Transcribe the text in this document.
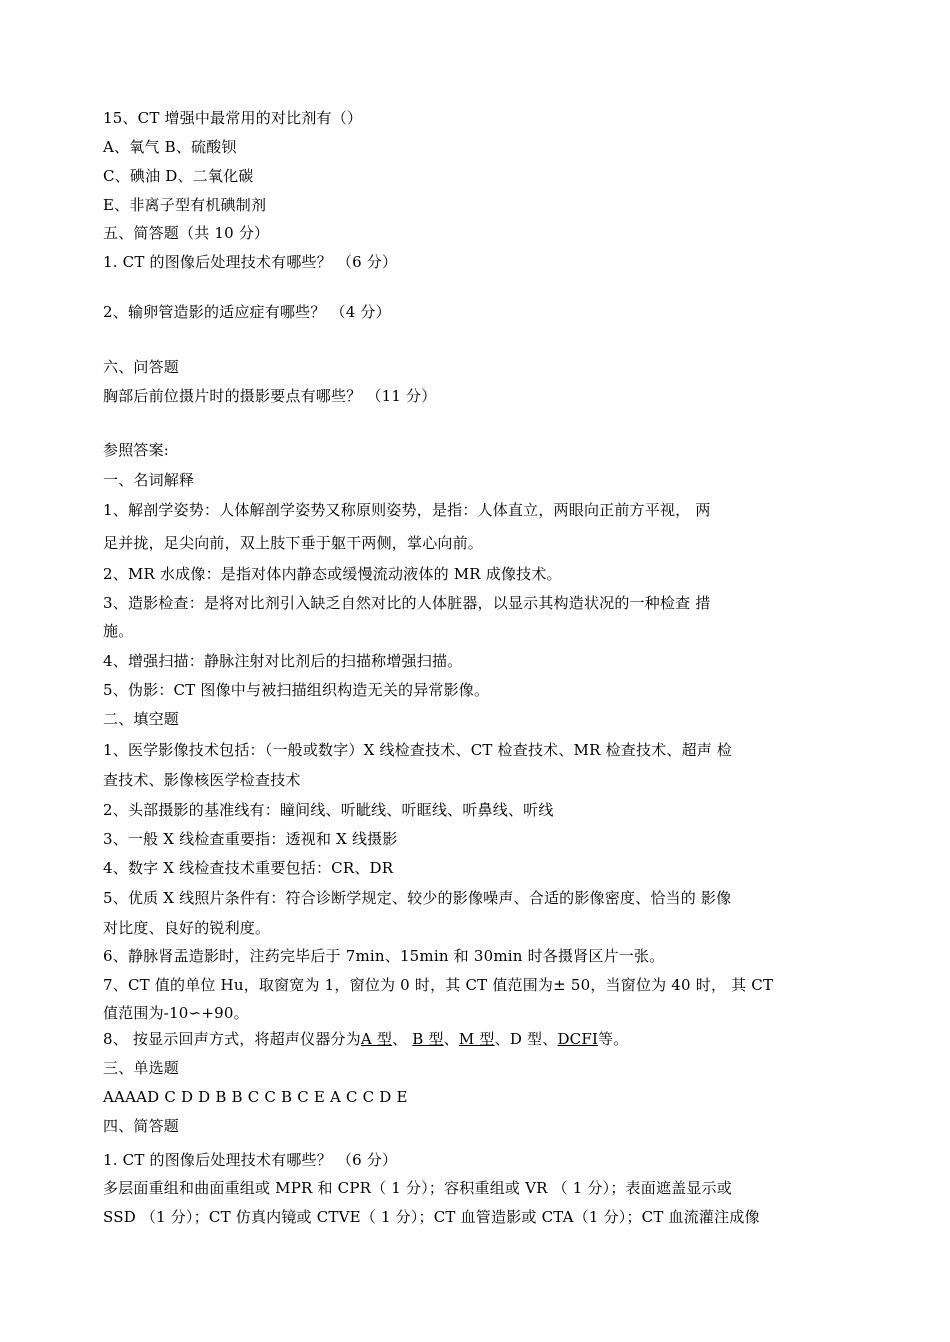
15、CT 增强中最常用的对比剂有（）
A、氧气 B、硫酸钡
C、碘油 D、二氧化碳
E、非离子型有机碘制剂
五、简答题（共 10 分）
1. CT 的图像后处理技术有哪些？ （6 分）
2、输卵管造影的适应症有哪些？ （4 分）
六、问答题
胸部后前位摄片时的摄影要点有哪些？ （11 分）
参照答案:
一、名词解释
1、解剖学姿势：人体解剖学姿势又称原则姿势，是指：人体直立，两眼向正前方平视， 两
足并拢，足尖向前，双上肢下垂于躯干两侧，掌心向前。
2、MR 水成像：是指对体内静态或缓慢流动液体的 MR 成像技术。
3、造影检查：是将对比剂引入缺乏自然对比的人体脏器，以显示其构造状况的一种检查 措
施。
4、增强扫描：静脉注射对比剂后的扫描称增强扫描。
5、伪影：CT 图像中与被扫描组织构造无关的异常影像。
二、填空题
1、医学影像技术包括：（一般或数字）X 线检查技术、CT 检查技术、MR 检查技术、超声 检
查技术、影像核医学检查技术
2、头部摄影的基准线有：瞳间线、听眦线、听眶线、听鼻线、听线
3、一般 X 线检查重要指：透视和 X 线摄影
4、数字 X 线检查技术重要包括：CR、DR
5、优质 X 线照片条件有：符合诊断学规定、较少的影像噪声、合适的影像密度、恰当的 影像
对比度、良好的锐利度。
6、静脉肾盂造影时，注药完毕后于 7min、15min 和 30min 时各摄肾区片一张。
7、CT 值的单位 Hu，取窗宽为 1，窗位为 0 时，其 CT 值范围为± 50，当窗位为 40 时， 其 CT
值范围为-10∽+90。
8、 按显示回声方式，将超声仪器分为A 型、 B 型、M 型、D 型、DCFI等。
三、单选题
AAAAD C D D B B C C B C E A C C D E
四、简答题
1. CT 的图像后处理技术有哪些？ （6 分）
多层面重组和曲面重组或 MPR 和 CPR（ 1 分）；容积重组或 VR （ 1 分）；表面遮盖显示或
SSD （1 分）；CT 仿真内镜或 CTVE（ 1 分）；CT 血管造影或 CTA（1 分）；CT 血流灌注成像
